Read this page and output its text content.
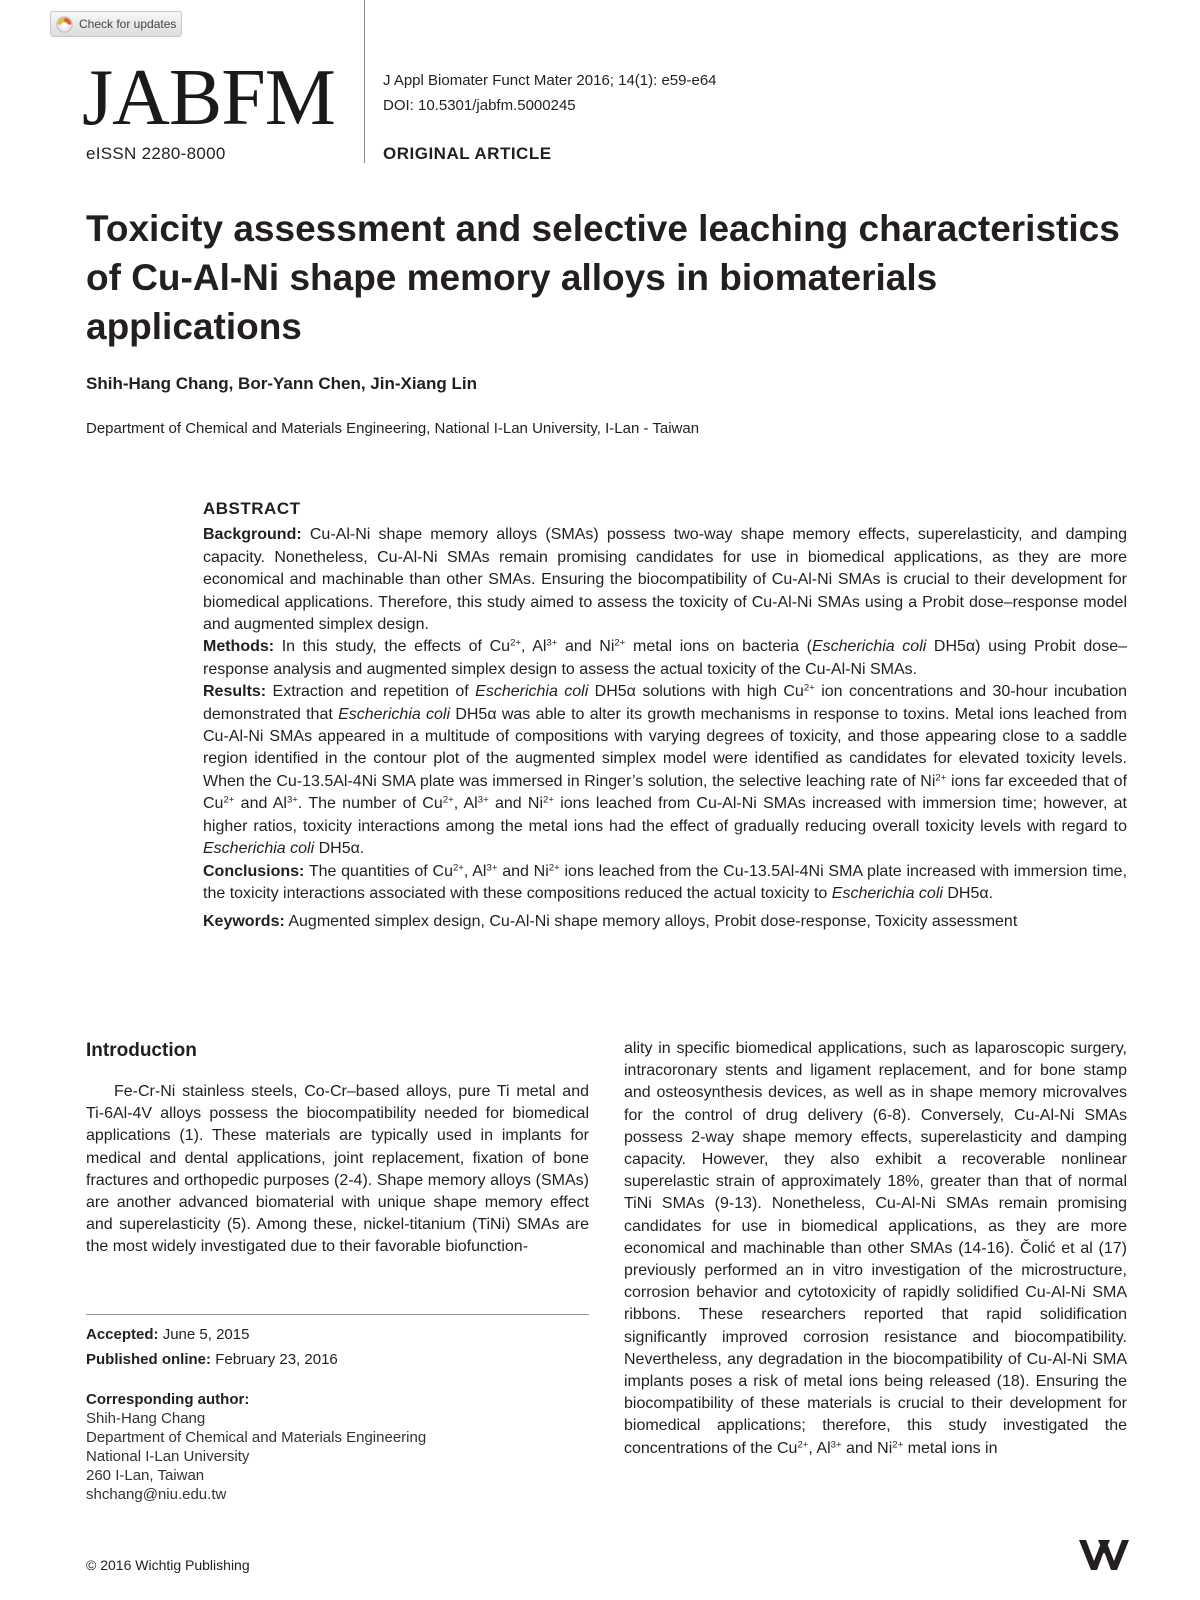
Check for updates
JABFM
eISSN 2280-8000
J Appl Biomater Funct Mater 2016; 14(1): e59-e64
DOI: 10.5301/jabfm.5000245
ORIGINAL ARTICLE
Toxicity assessment and selective leaching characteristics of Cu-Al-Ni shape memory alloys in biomaterials applications
Shih-Hang Chang, Bor-Yann Chen, Jin-Xiang Lin
Department of Chemical and Materials Engineering, National I-Lan University, I-Lan - Taiwan
ABSTRACT

Background: Cu-Al-Ni shape memory alloys (SMAs) possess two-way shape memory effects, superelasticity, and damping capacity. Nonetheless, Cu-Al-Ni SMAs remain promising candidates for use in biomedical applications, as they are more economical and machinable than other SMAs. Ensuring the biocompatibility of Cu-Al-Ni SMAs is crucial to their development for biomedical applications. Therefore, this study aimed to assess the toxicity of Cu-Al-Ni SMAs using a Probit dose–response model and augmented simplex design.

Methods: In this study, the effects of $Cu^{2+}$, $Al^{3+}$ and $Ni^{2+}$ metal ions on bacteria (Escherichia coli DH5α) using Probit dose–response analysis and augmented simplex design to assess the actual toxicity of the Cu-Al-Ni SMAs.

Results: Extraction and repetition of Escherichia coli DH5α solutions with high $Cu^{2+}$ ion concentrations and 30-hour incubation demonstrated that Escherichia coli DH5α was able to alter its growth mechanisms in response to toxins. Metal ions leached from Cu-Al-Ni SMAs appeared in a multitude of compositions with varying degrees of toxicity, and those appearing close to a saddle region identified in the contour plot of the augmented simplex model were identified as candidates for elevated toxicity levels. When the Cu-13.5Al-4Ni SMA plate was immersed in Ringer’s solution, the selective leaching rate of $Ni^{2+}$ ions far exceeded that of $Cu^{2+}$ and $Al^{3+}$. The number of $Cu^{2+}$, $Al^{3+}$ and $Ni^{2+}$ ions leached from Cu-Al-Ni SMAs increased with immersion time; however, at higher ratios, toxicity interactions among the metal ions had the effect of gradually reducing overall toxicity levels with regard to Escherichia coli DH5α.

Conclusions: The quantities of $Cu^{2+}$, $Al^{3+}$ and $Ni^{2+}$ ions leached from the Cu-13.5Al-4Ni SMA plate increased with immersion time, the toxicity interactions associated with these compositions reduced the actual toxicity to Escherichia coli DH5α.

Keywords: Augmented simplex design, Cu-Al-Ni shape memory alloys, Probit dose-response, Toxicity assessment

Introduction

Fe-Cr-Ni stainless steels, Co-Cr–based alloys, pure Ti metal and Ti-6Al-4V alloys possess the biocompatibility needed for biomedical applications (1). These materials are typically used in implants for medical and dental applications, joint replacement, fixation of bone fractures and orthopedic purposes (2-4). Shape memory alloys (SMAs) are another advanced biomaterial with unique shape memory effect and superelasticity (5). Among these, nickel-titanium (TiNi) SMAs are the most widely investigated due to their favorable biofunction-

ality in specific biomedical applications, such as laparoscopic surgery, intracoronary stents and ligament replacement, and for bone stamp and osteosynthesis devices, as well as in shape memory microvalves for the control of drug delivery (6-8). Conversely, Cu-Al-Ni SMAs possess 2-way shape memory effects, superelasticity and damping capacity. However, they also exhibit a recoverable nonlinear superelastic strain of approximately 18%, greater than that of normal TiNi SMAs (9-13). Nonetheless, Cu-Al-Ni SMAs remain promising candidates for use in biomedical applications, as they are more economical and machinable than other SMAs (14-16). Čolić et al (17) previously performed an in vitro investigation of the microstructure, corrosion behavior and cytotoxicity of rapidly solidified Cu-Al-Ni SMA ribbons. These researchers reported that rapid solidification significantly improved corrosion resistance and biocompatibility. Nevertheless, any degradation in the biocompatibility of Cu-Al-Ni SMA implants poses a risk of metal ions being released (18). Ensuring the biocompatibility of these materials is crucial to their development for biomedical applications; therefore, this study investigated the concentrations of the $Cu^{2+}$, $Al^{3+}$ and $Ni^{2+}$ metal ions in

Accepted: June 5, 2015
Published online: February 23, 2016
Corresponding author:
Shih-Hang Chang
Department of Chemical and Materials Engineering
National I-Lan University
260 I-Lan, Taiwan
shchang@niu.edu.tw
© 2016 Wichtig Publishing
